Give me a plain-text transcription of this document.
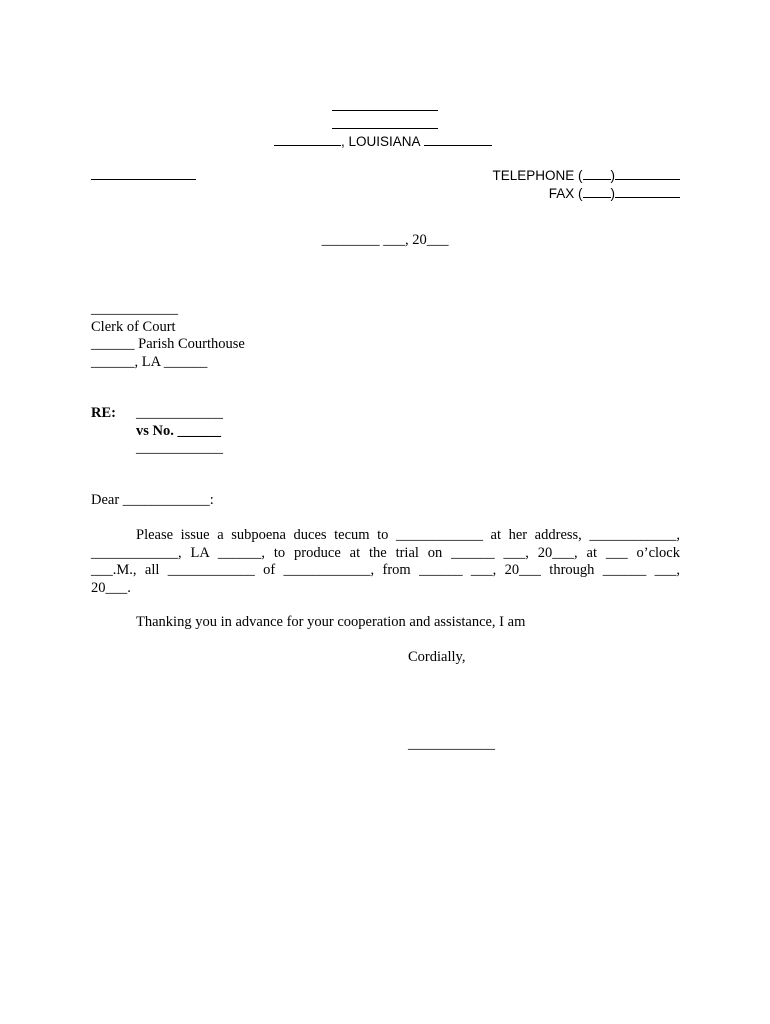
, LOUISIANA
TELEPHONE ( )
FAX ( )
________ ___, 20___
____________
Clerk of Court
______ Parish Courthouse
______, LA ______
RE: ____________
vs No. ______
____________
Dear ____________:
Please issue a subpoena duces tecum to ____________ at her address, ____________,
____________, LA ______, to produce at the trial on ______ ___, 20___, at ___ o’clock
___.M., all ____________ of ____________, from ______ ___, 20___ through ______ ___,
20___.
Thanking you in advance for your cooperation and assistance, I am
Cordially,
____________
